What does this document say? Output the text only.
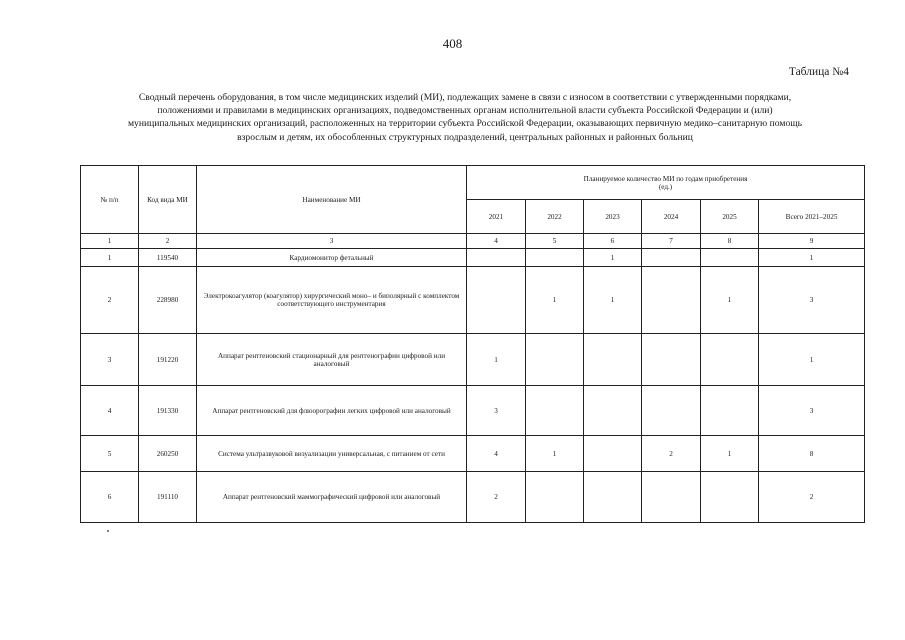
408
Таблица №4
Сводный перечень оборудования, в том числе медицинских изделий (МИ), подлежащих замене в связи с износом в соответствии с утвержденными порядками,
положениями и правилами в медицинских организациях, подведомственных органам исполнительной власти субъекта Российской Федерации и (или)
муниципальных медицинских организаций, расположенных на территории субъекта Российской Федерации, оказывающих первичную медико–санитарную помощь
взрослым и детям, их обособленных структурных подразделений, центральных районных и районных больниц
№ п/п	Код вида МИ	Наименование МИ	Планируемое количество МИ по годам приобретения
(ед.)					

			2021	2022	2023	2024	2025	Всего 2021–2025
1	2	3	4	5	6	7	8	9
1	119540	Кардиомонитор фетальный			1			1
2	228980	Электрокоагулятор (коагулятор) хирургический моно– и биполярный с комплектом соответствующего инструментария		1	1		1	3
3	191220	Аппарат рентгеновский стационарный для рентгенографии цифровой или аналоговый	1					1
4	191330	Аппарат рентгеновский для флюорографии легких цифровой или аналоговый	3					3
5	260250	Система ультразвуковой визуализации универсальная, с питанием от сети	4	1		2	1	8
6	191110	Аппарат рентгеновский маммографический цифровой или аналоговый	2					2
